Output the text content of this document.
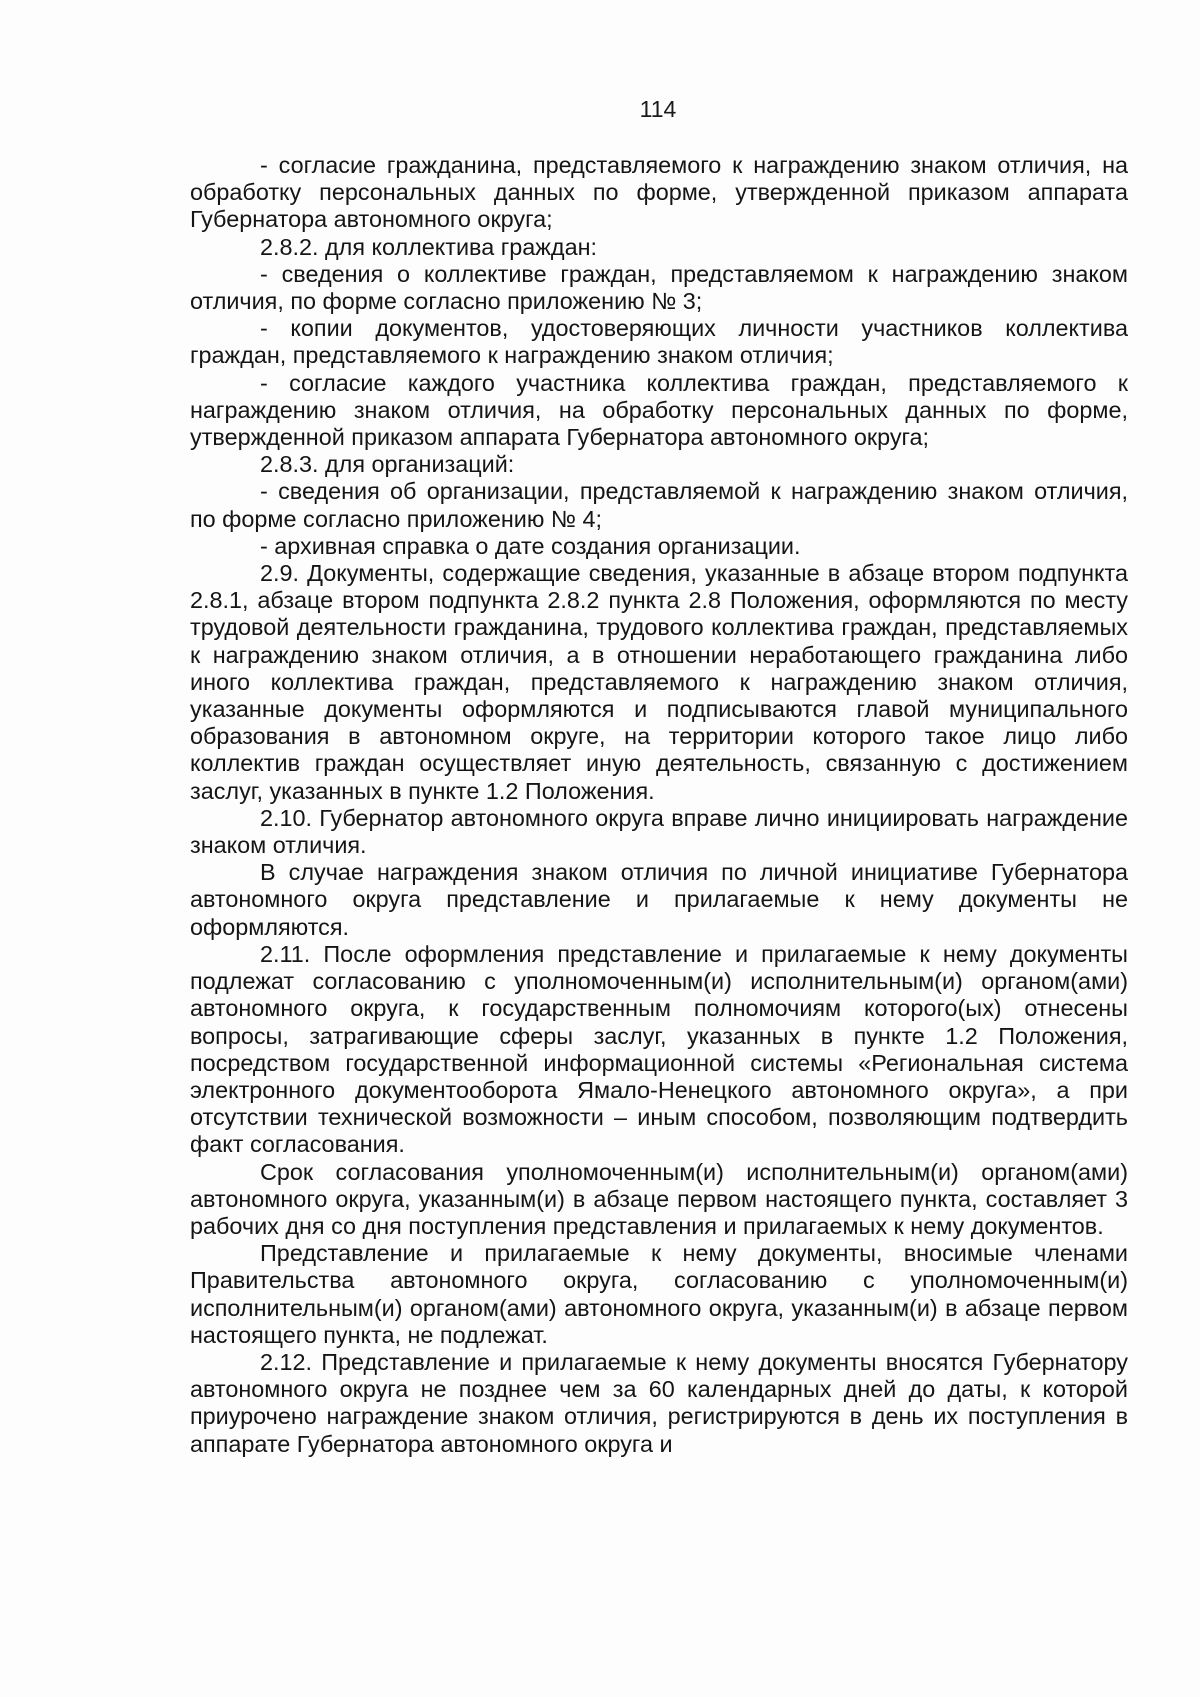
114

- согласие гражданина, представляемого к награждению знаком отличия, на обработку персональных данных по форме, утвержденной приказом аппарата Губернатора автономного округа;

2.8.2. для коллектива граждан:

- сведения о коллективе граждан, представляемом к награждению знаком отличия, по форме согласно приложению № 3;

- копии документов, удостоверяющих личности участников коллектива граждан, представляемого к награждению знаком отличия;

- согласие каждого участника коллектива граждан, представляемого к награждению знаком отличия, на обработку персональных данных по форме, утвержденной приказом аппарата Губернатора автономного округа;

2.8.3. для организаций:

- сведения об организации, представляемой к награждению знаком отличия, по форме согласно приложению № 4;

- архивная справка о дате создания организации.

2.9. Документы, содержащие сведения, указанные в абзаце втором подпункта 2.8.1, абзаце втором подпункта 2.8.2 пункта 2.8 Положения, оформляются по месту трудовой деятельности гражданина, трудового коллектива граждан, представляемых к награждению знаком отличия, а в отношении неработающего гражданина либо иного коллектива граждан, представляемого к награждению знаком отличия, указанные документы оформляются и подписываются главой муниципального образования в автономном округе, на территории которого такое лицо либо коллектив граждан осуществляет иную деятельность, связанную с достижением заслуг, указанных в пункте 1.2 Положения.

2.10. Губернатор автономного округа вправе лично инициировать награждение знаком отличия.

В случае награждения знаком отличия по личной инициативе Губернатора автономного округа представление и прилагаемые к нему документы не оформляются.

2.11. После оформления представление и прилагаемые к нему документы подлежат согласованию с уполномоченным(и) исполнительным(и) органом(ами) автономного округа, к государственным полномочиям которого(ых) отнесены вопросы, затрагивающие сферы заслуг, указанных в пункте 1.2 Положения, посредством государственной информационной системы «Региональная система электронного документооборота Ямало-Ненецкого автономного округа», а при отсутствии технической возможности – иным способом, позволяющим подтвердить факт согласования.

Срок согласования уполномоченным(и) исполнительным(и) органом(ами) автономного округа, указанным(и) в абзаце первом настоящего пункта, составляет 3 рабочих дня со дня поступления представления и прилагаемых к нему документов.

Представление и прилагаемые к нему документы, вносимые членами Правительства автономного округа, согласованию с уполномоченным(и) исполнительным(и) органом(ами) автономного округа, указанным(и) в абзаце первом настоящего пункта, не подлежат.

2.12. Представление и прилагаемые к нему документы вносятся Губернатору автономного округа не позднее чем за 60 календарных дней до даты, к которой приурочено награждение знаком отличия, регистрируются в день их поступления в аппарате Губернатора автономного округа и
